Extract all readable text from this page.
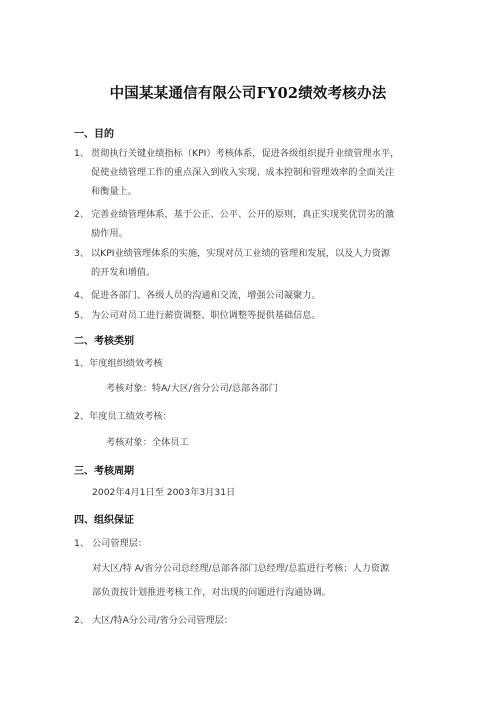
中国某某通信有限公司FY02绩效考核办法
一、目的
1、 贯彻执行关键业绩指标（KPI）考核体系，促进各级组织提升业绩管理水平，
促使业绩管理工作的重点深入到收入实现、成本控制和管理效率的全面关注
和衡量上。
2、 完善业绩管理体系，基于公正、公平、公开的原则，真正实现奖优罚劣的激
励作用。
3、 以KPI业绩管理体系的实施，实现对员工业绩的管理和发展，以及人力资源
的开发和增值。
4、 促进各部门、各级人员的沟通和交流，增强公司凝聚力。
5、 为公司对员工进行薪资调整、职位调整等提供基础信息。
二、考核类别
1、年度组织绩效考核
考核对象：特A/大区/省分公司/总部各部门
2、年度员工绩效考核：
考核对象：全体员工
三、考核周期
2002年4月1日至 2003年3月31日
四、组织保证
1、 公司管理层：
对大区/特 A/省分公司总经理/总部各部门总经理/总监进行考核；人力资源
部负责按计划推进考核工作，对出现的问题进行沟通协调。
2、 大区/特A分公司/省分公司管理层：
